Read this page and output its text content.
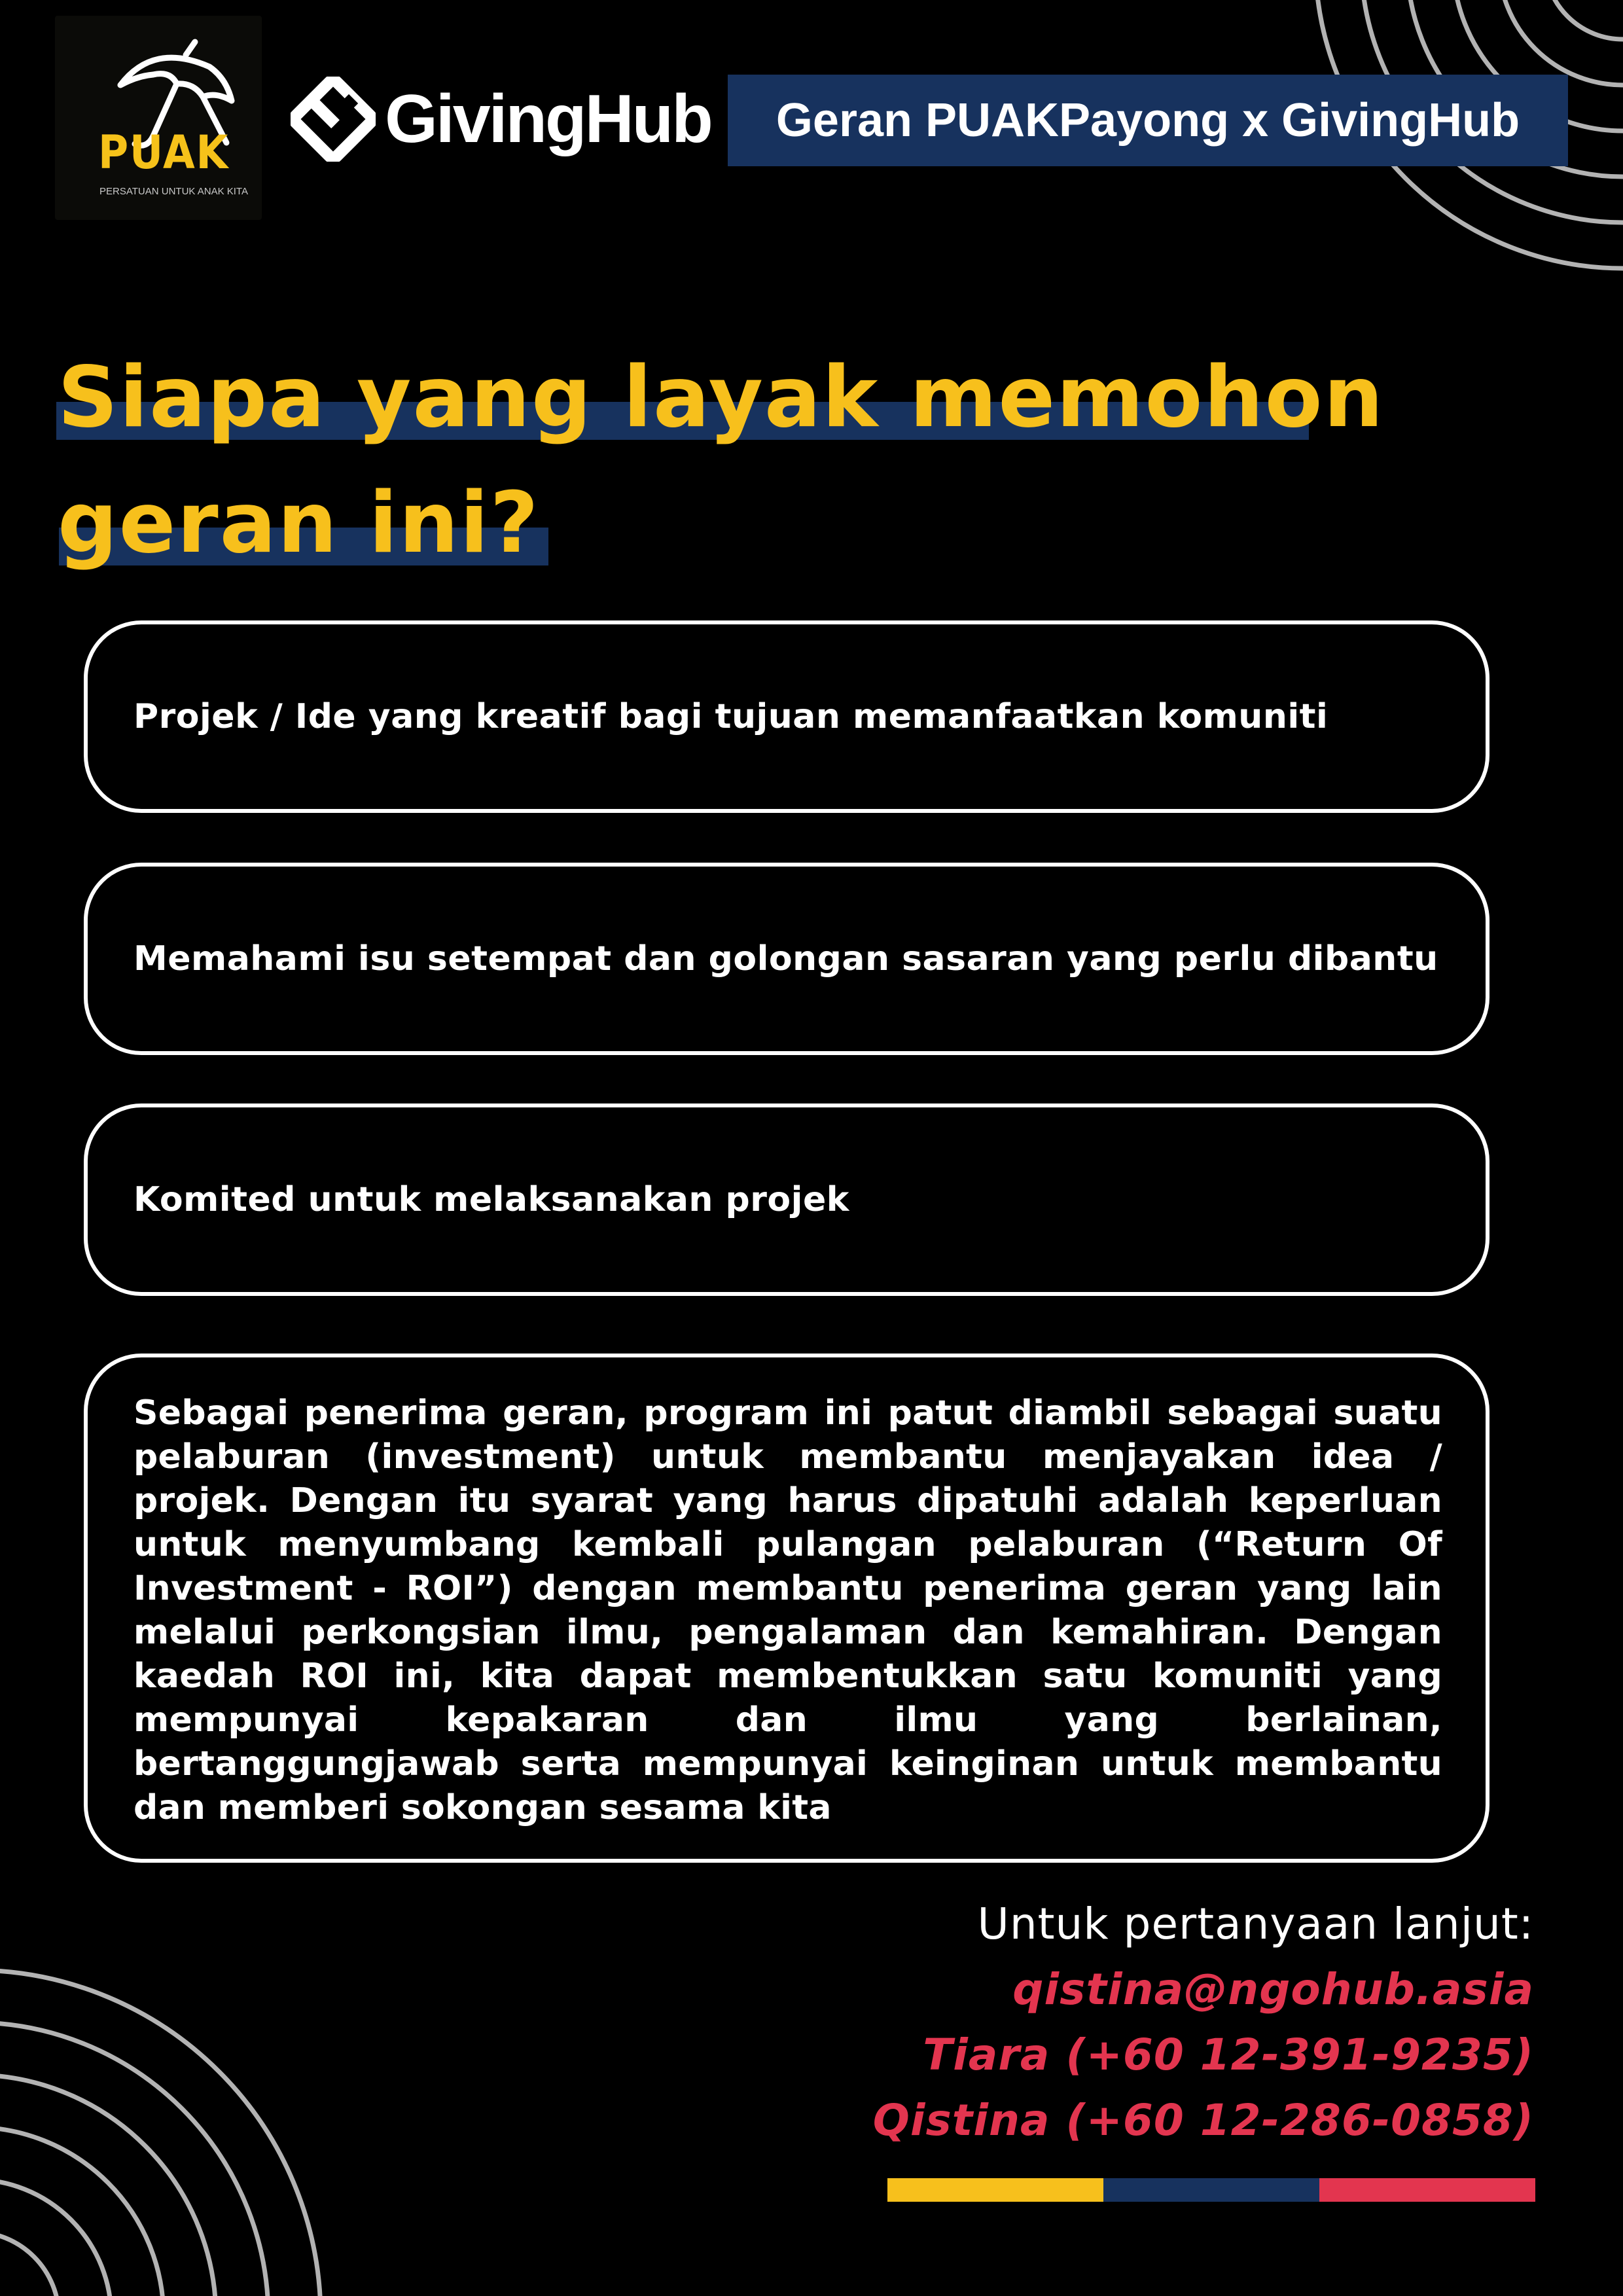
PUAK
PERSATUAN UNTUK ANAK KITA
GivingHub Geran PUAKPayong x GivingHub
Siapa yang layak memohon
geran ini?

Projek / Ide yang kreatif bagi tujuan memanfaatkan komuniti

Memahami isu setempat dan golongan sasaran yang perlu dibantu

Komited untuk melaksanakan projek

Sebagai penerima geran, program ini patut diambil sebagai suatu pelaburan (investment) untuk membantu menjayakan idea / projek. Dengan itu syarat yang harus dipatuhi adalah keperluan untuk menyumbang kembali pulangan pelaburan (“Return Of Investment - ROI”) dengan membantu penerima geran yang lain melalui perkongsian ilmu, pengalaman dan kemahiran. Dengan kaedah ROI ini, kita dapat membentukkan satu komuniti yang mempunyai kepakaran dan ilmu yang berlainan, bertanggungjawab serta mempunyai keinginan untuk membantu dan memberi sokongan sesama kita

Untuk pertanyaan lanjut:
qistina@ngohub.asia
Tiara (+60 12-391-9235)
Qistina (+60 12-286-0858)
